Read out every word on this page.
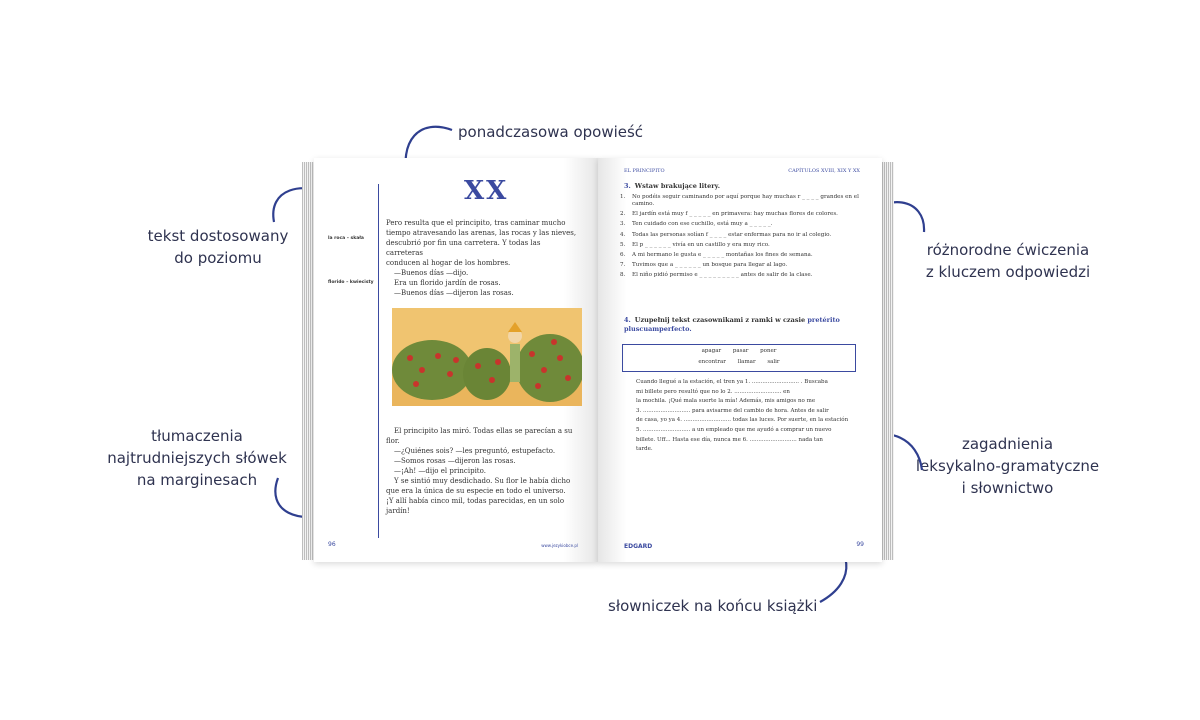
ponadczasowa opowieść
tekst dostosowany
do poziomu
tłumaczenia
najtrudniejszych słówek
na marginesach
różnorodne ćwiczenia
z kluczem odpowiedzi
zagadnienia
leksykalno-gramatyczne
i słownictwo
słowniczek na końcu książki
XX
la roca – skała
florido – kwiecisty

Pero resulta que el principito, tras caminar mucho

tiempo atravesando las arenas, las rocas y las nieves,

descubrió por fin una carretera. Y todas las carreteras

conducen al hogar de los hombres.

—Buenos días —dijo.

Era un florido jardín de rosas.

—Buenos días —dijeron las rosas.

El principito las miró. Todas ellas se parecían a su

flor.

—¿Quiénes sois? —les preguntó, estupefacto.

—Somos rosas —dijeron las rosas.

—¡Ah! —dijo el principito.

Y se sintió muy desdichado. Su flor le había dicho

que era la única de su especie en todo el universo.

¡Y allí había cinco mil, todas parecidas, en un solo

jardín!

96	www.jezykiobce.pl
EL PRINCIPITO	CAPÍTULOS XVIII, XIX Y XX
3. Wstaw brakujące litery.
1. No podéis seguir caminando por aquí porque hay muchas r _ _ _ _ grandes en el camino.
2. El jardín está muy f _ _ _ _ _ en primavera: hay muchas flores de colores.
3. Ten cuidado con ese cuchillo, está muy a _ _ _ _ _.
4. Todas las personas solían f _ _ _ _ estar enfermas para no ir al colegio.
5. El p _ _ _ _ _ _ vivía en un castillo y era muy rico.
6. A mi hermano le gusta e _ _ _ _ _ montañas los fines de semana.
7. Tuvimos que a _ _ _ _ _ _ un bosque para llegar al lago.
8. El niño pidió permiso e _ _ _ _ _ _ _ _ _ antes de salir de la clase.
4. Uzupełnij tekst czasownikami z ramki w czasie pretérito pluscuamperfecto.
apagar pasar poner
encontrar llamar salir

Cuando llegué a la estación, el tren ya 1. ........................... . Buscaba

mi billete pero resultó que no lo 2. ........................... en

la mochila. ¡Qué mala suerte la mía! Además, mis amigos no me

3. ........................... para avisarme del cambio de hora. Antes de salir

de casa, yo ya 4. ........................... todas las luces. Por suerte, en la estación

5. ........................... a un empleado que me ayudó a comprar un nuevo

billete. Uff... Hasta ese día, nunca me 6. ........................... nada tan

tarde.

EDGARD	99
